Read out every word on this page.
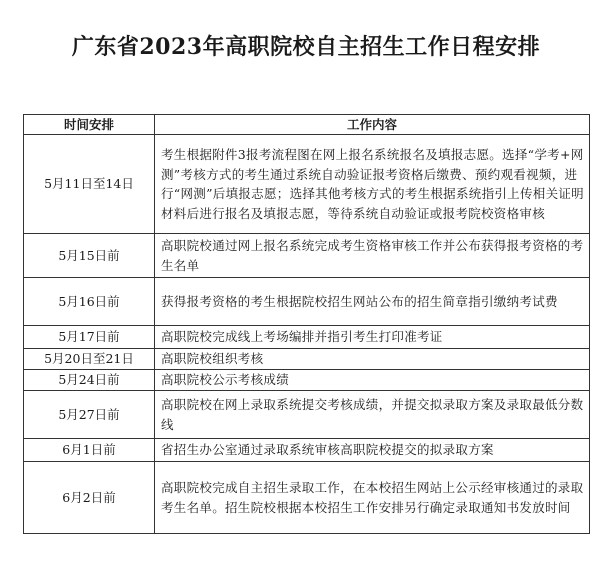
广东省2023年高职院校自主招生工作日程安排
时间安排	工作内容
5月11日至14日	考生根据附件3报考流程图在网上报名系统报名及填报志愿。选择“学考+网测”考核方式的考生通过系统自动验证报考资格后缴费、预约观看视频，进行“网测”后填报志愿；选择其他考核方式的考生根据系统指引上传相关证明材料后进行报名及填报志愿，等待系统自动验证或报考院校资格审核
5月15日前	高职院校通过网上报名系统完成考生资格审核工作并公布获得报考资格的考生名单
5月16日前	获得报考资格的考生根据院校招生网站公布的招生简章指引缴纳考试费
5月17日前	高职院校完成线上考场编排并指引考生打印准考证
5月20日至21日	高职院校组织考核
5月24日前	高职院校公示考核成绩
5月27日前	高职院校在网上录取系统提交考核成绩，并提交拟录取方案及录取最低分数线
6月1日前	省招生办公室通过录取系统审核高职院校提交的拟录取方案
6月2日前	高职院校完成自主招生录取工作，在本校招生网站上公示经审核通过的录取考生名单。招生院校根据本校招生工作安排另行确定录取通知书发放时间
